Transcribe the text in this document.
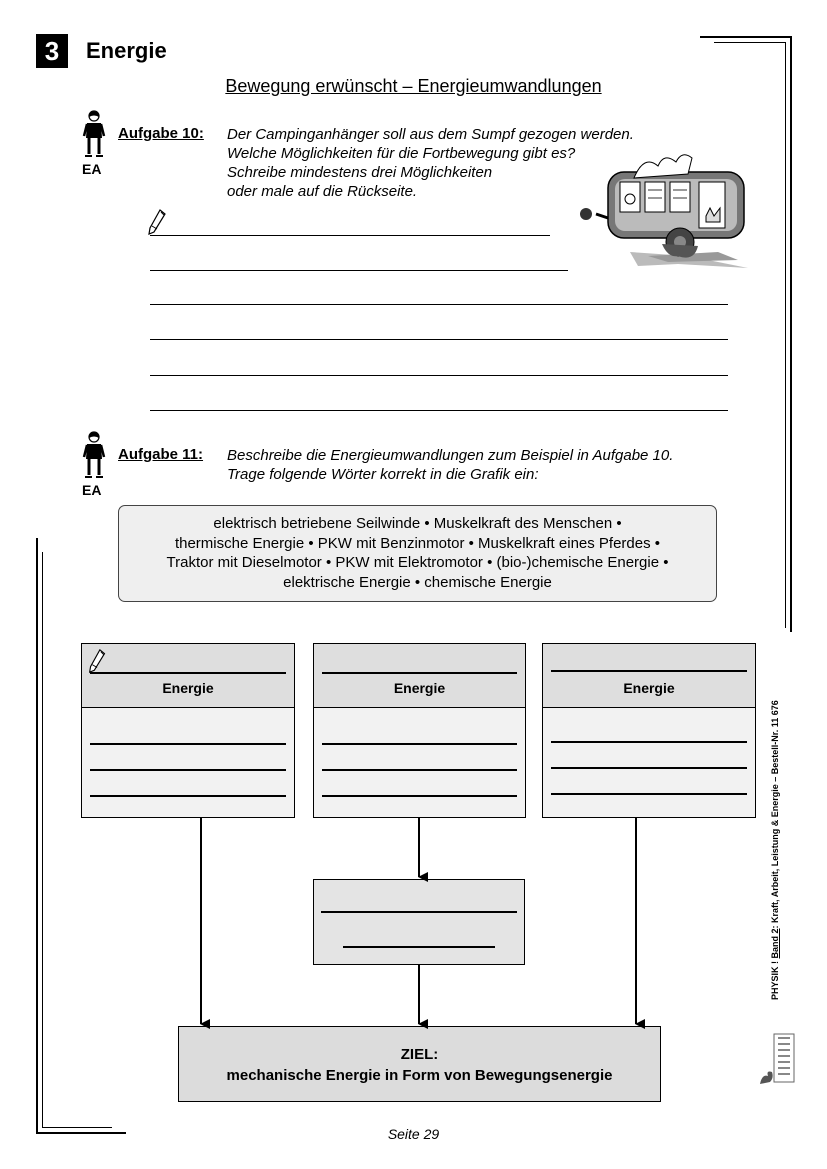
3	Energie
Bewegung erwünscht – Energieumwandlungen
EA
Aufgabe 10: Der Campinganhänger soll aus dem Sumpf gezogen werden.
Welche Möglichkeiten für die Fortbewegung gibt es?
Schreibe mindestens drei Möglichkeiten
oder male auf die Rückseite.
EA
Aufgabe 11: Beschreibe die Energieumwandlungen zum Beispiel in Aufgabe 10.
Trage folgende Wörter korrekt in die Grafik ein:
elektrisch betriebene Seilwinde • Muskelkraft des Menschen •
thermische Energie • PKW mit Benzinmotor • Muskelkraft eines Pferdes •
Traktor mit Dieselmotor • PKW mit Elektromotor • (bio-)chemische Energie •
elektrische Energie • chemische Energie
Energie	Energie	Energie
ZIEL:
mechanische Energie in Form von Bewegungsenergie
PHYSIK ! Band 2: Kraft, Arbeit, Leistung & Energie – Bestell-Nr. 11 676
Seite 29
